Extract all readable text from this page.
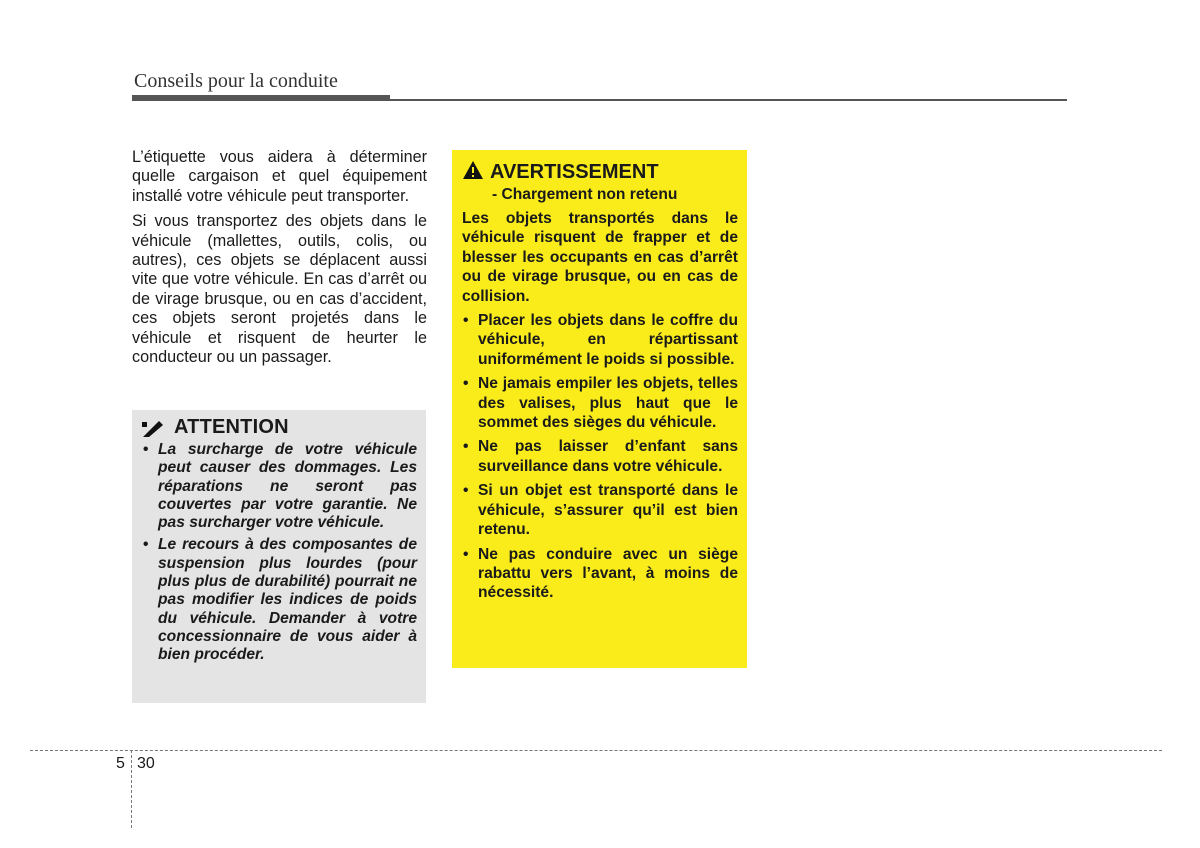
Conseils pour la conduite

L’étiquette vous aidera à déterminer quelle cargaison et quel équipement installé votre véhicule peut transporter.

Si vous transportez des objets dans le véhicule (mallettes, outils, colis, ou autres), ces objets se déplacent aussi vite que votre véhicule. En cas d’arrêt ou de virage brusque, ou en cas d’accident, ces objets seront projetés dans le véhicule et risquent de heurter le conducteur ou un passager.

ATTENTION
• La surcharge de votre véhicule peut causer des dommages. Les réparations ne seront pas couvertes par votre garantie. Ne pas surcharger votre véhicule.
• Le recours à des composantes de suspension plus lourdes (pour plus plus de durabilité) pourrait ne pas modifier les indices de poids du véhicule. Demander à votre concessionnaire de vous aider à bien procéder.
AVERTISSEMENT
- Chargement non retenu

Les objets transportés dans le véhicule risquent de frapper et de blesser les occupants en cas d’arrêt ou de virage brusque, ou en cas de collision.

• Placer les objets dans le coffre du véhicule, en répartissant uniformément le poids si possible.
• Ne jamais empiler les objets, telles des valises, plus haut que le sommet des sièges du véhicule.
• Ne pas laisser d’enfant sans surveillance dans votre véhicule.
• Si un objet est transporté dans le véhicule, s’assurer qu’il est bien retenu.
• Ne pas conduire avec un siège rabattu vers l’avant, à moins de nécessité.
5 30
